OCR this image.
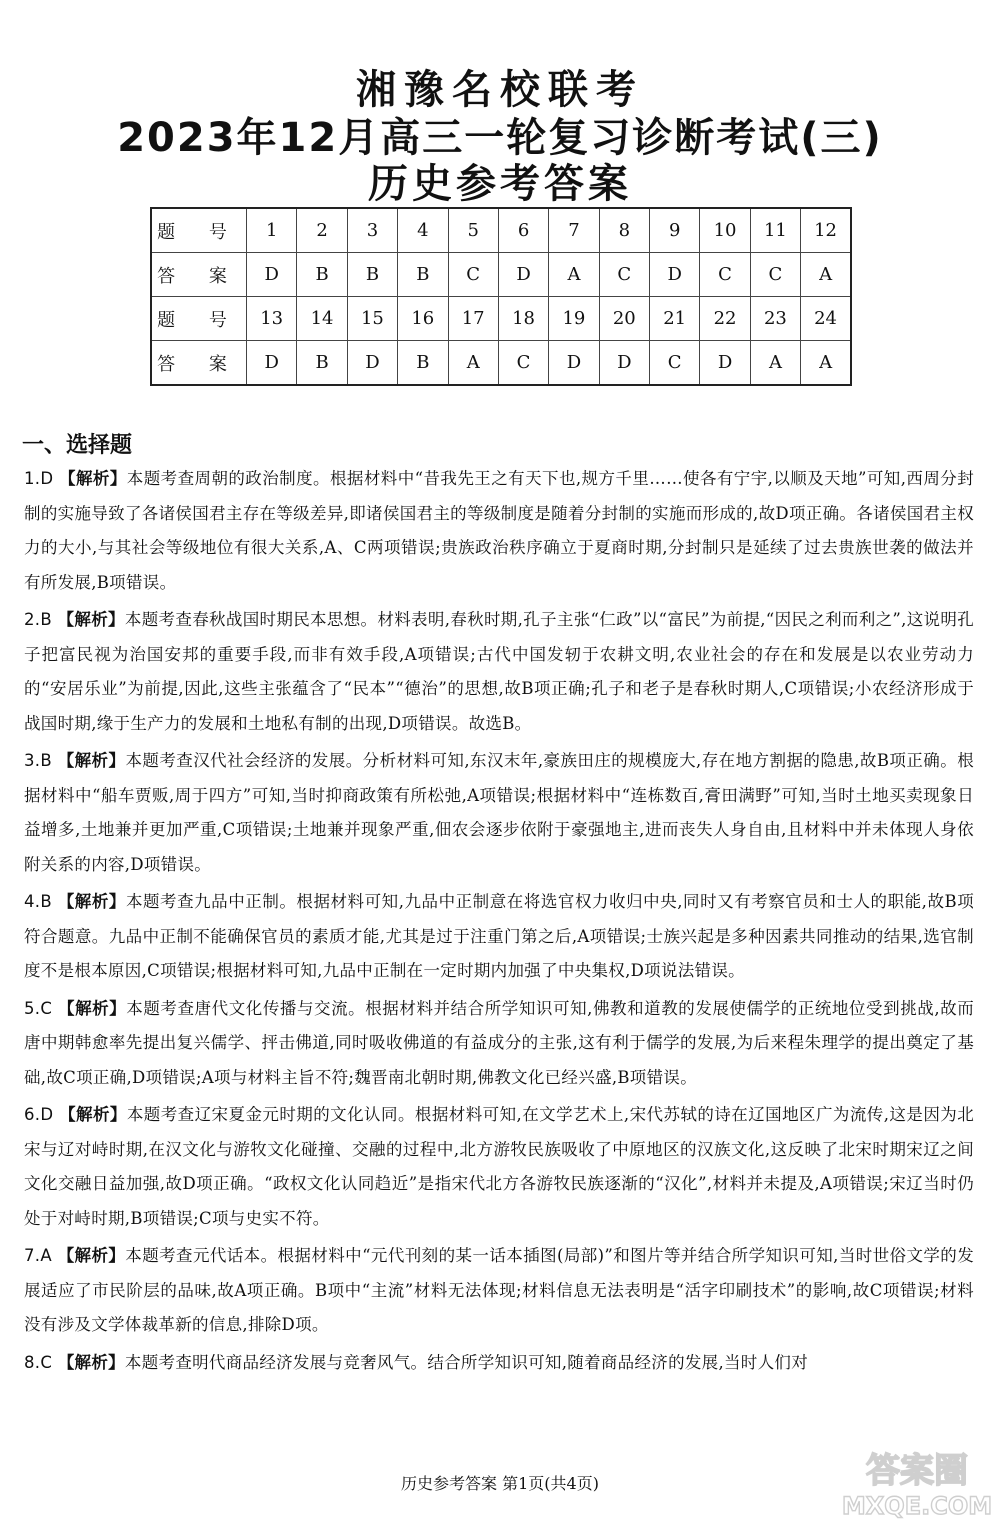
湘豫名校联考
2023年12月高三一轮复习诊断考试(三)
历史参考答案
题 号	1	2	3	4	5	6	7	8	9	10	11	12
答 案	D	B	B	B	C	D	A	C	D	C	C	A
题 号	13	14	15	16	17	18	19	20	21	22	23	24
答 案	D	B	D	B	A	C	D	D	C	D	A	A
一、选择题
1.D 【解析】本题考查周朝的政治制度。根据材料中“昔我先王之有天下也,规方千里……使各有宁宇,以顺及天地”可知,西周分封制的实施导致了各诸侯国君主存在等级差异,即诸侯国君主的等级制度是随着分封制的实施而形成的,故D项正确。各诸侯国君主权力的大小,与其社会等级地位有很大关系,A、C两项错误;贵族政治秩序确立于夏商时期,分封制只是延续了过去贵族世袭的做法并有所发展,B项错误。
2.B 【解析】本题考查春秋战国时期民本思想。材料表明,春秋时期,孔子主张“仁政”以“富民”为前提,“因民之利而利之”,这说明孔子把富民视为治国安邦的重要手段,而非有效手段,A项错误;古代中国发轫于农耕文明,农业社会的存在和发展是以农业劳动力的“安居乐业”为前提,因此,这些主张蕴含了“民本”“德治”的思想,故B项正确;孔子和老子是春秋时期人,C项错误;小农经济形成于战国时期,缘于生产力的发展和土地私有制的出现,D项错误。故选B。
3.B 【解析】本题考查汉代社会经济的发展。分析材料可知,东汉末年,豪族田庄的规模庞大,存在地方割据的隐患,故B项正确。根据材料中“船车贾贩,周于四方”可知,当时抑商政策有所松弛,A项错误;根据材料中“连栋数百,膏田满野”可知,当时土地买卖现象日益增多,土地兼并更加严重,C项错误;土地兼并现象严重,佃农会逐步依附于豪强地主,进而丧失人身自由,且材料中并未体现人身依附关系的内容,D项错误。
4.B 【解析】本题考查九品中正制。根据材料可知,九品中正制意在将选官权力收归中央,同时又有考察官员和士人的职能,故B项符合题意。九品中正制不能确保官员的素质才能,尤其是过于注重门第之后,A项错误;士族兴起是多种因素共同推动的结果,选官制度不是根本原因,C项错误;根据材料可知,九品中正制在一定时期内加强了中央集权,D项说法错误。
5.C 【解析】本题考查唐代文化传播与交流。根据材料并结合所学知识可知,佛教和道教的发展使儒学的正统地位受到挑战,故而唐中期韩愈率先提出复兴儒学、抨击佛道,同时吸收佛道的有益成分的主张,这有利于儒学的发展,为后来程朱理学的提出奠定了基础,故C项正确,D项错误;A项与材料主旨不符;魏晋南北朝时期,佛教文化已经兴盛,B项错误。
6.D 【解析】本题考查辽宋夏金元时期的文化认同。根据材料可知,在文学艺术上,宋代苏轼的诗在辽国地区广为流传,这是因为北宋与辽对峙时期,在汉文化与游牧文化碰撞、交融的过程中,北方游牧民族吸收了中原地区的汉族文化,这反映了北宋时期宋辽之间文化交融日益加强,故D项正确。“政权文化认同趋近”是指宋代北方各游牧民族逐渐的“汉化”,材料并未提及,A项错误;宋辽当时仍处于对峙时期,B项错误;C项与史实不符。
7.A 【解析】本题考查元代话本。根据材料中“元代刊刻的某一话本插图(局部)”和图片等并结合所学知识可知,当时世俗文学的发展适应了市民阶层的品味,故A项正确。B项中“主流”材料无法体现;材料信息无法表明是“活字印刷技术”的影响,故C项错误;材料没有涉及文学体裁革新的信息,排除D项。
8.C 【解析】本题考查明代商品经济发展与竞奢风气。结合所学知识可知,随着商品经济的发展,当时人们对
历史参考答案 第1页(共4页)	答案圈
MXQE.COM
